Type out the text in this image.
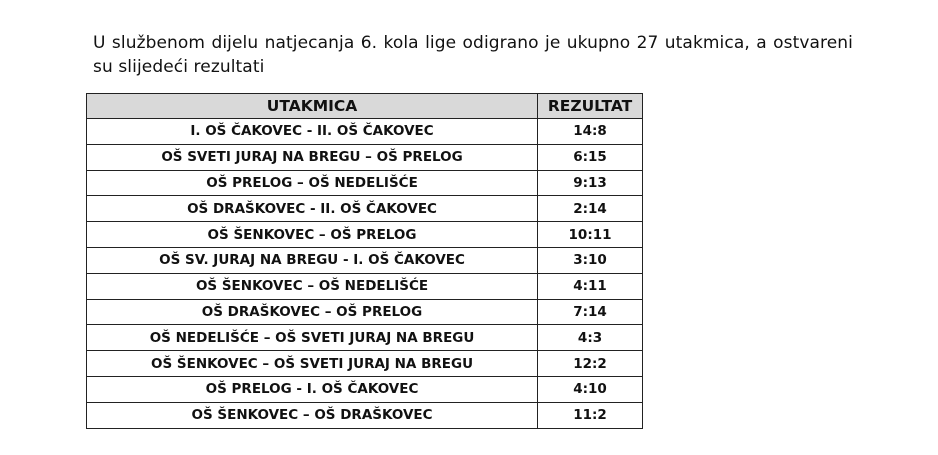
U službenom dijelu natjecanja 6. kola lige odigrano je ukupno 27 utakmica, a ostvareni su slijedeći rezultati

UTAKMICA	REZULTAT
I. OŠ ČAKOVEC - II. OŠ ČAKOVEC	14:8
OŠ SVETI JURAJ NA BREGU – OŠ PRELOG	6:15
OŠ PRELOG – OŠ NEDELIŠĆE	9:13
OŠ DRAŠKOVEC - II. OŠ ČAKOVEC	2:14
OŠ ŠENKOVEC – OŠ PRELOG	10:11
OŠ SV. JURAJ NA BREGU - I. OŠ ČAKOVEC	3:10
OŠ ŠENKOVEC – OŠ NEDELIŠĆE	4:11
OŠ DRAŠKOVEC – OŠ PRELOG	7:14
OŠ NEDELIŠĆE – OŠ SVETI JURAJ NA BREGU	4:3
OŠ ŠENKOVEC – OŠ SVETI JURAJ NA BREGU	12:2
OŠ PRELOG - I. OŠ ČAKOVEC	4:10
OŠ ŠENKOVEC – OŠ DRAŠKOVEC	11:2
